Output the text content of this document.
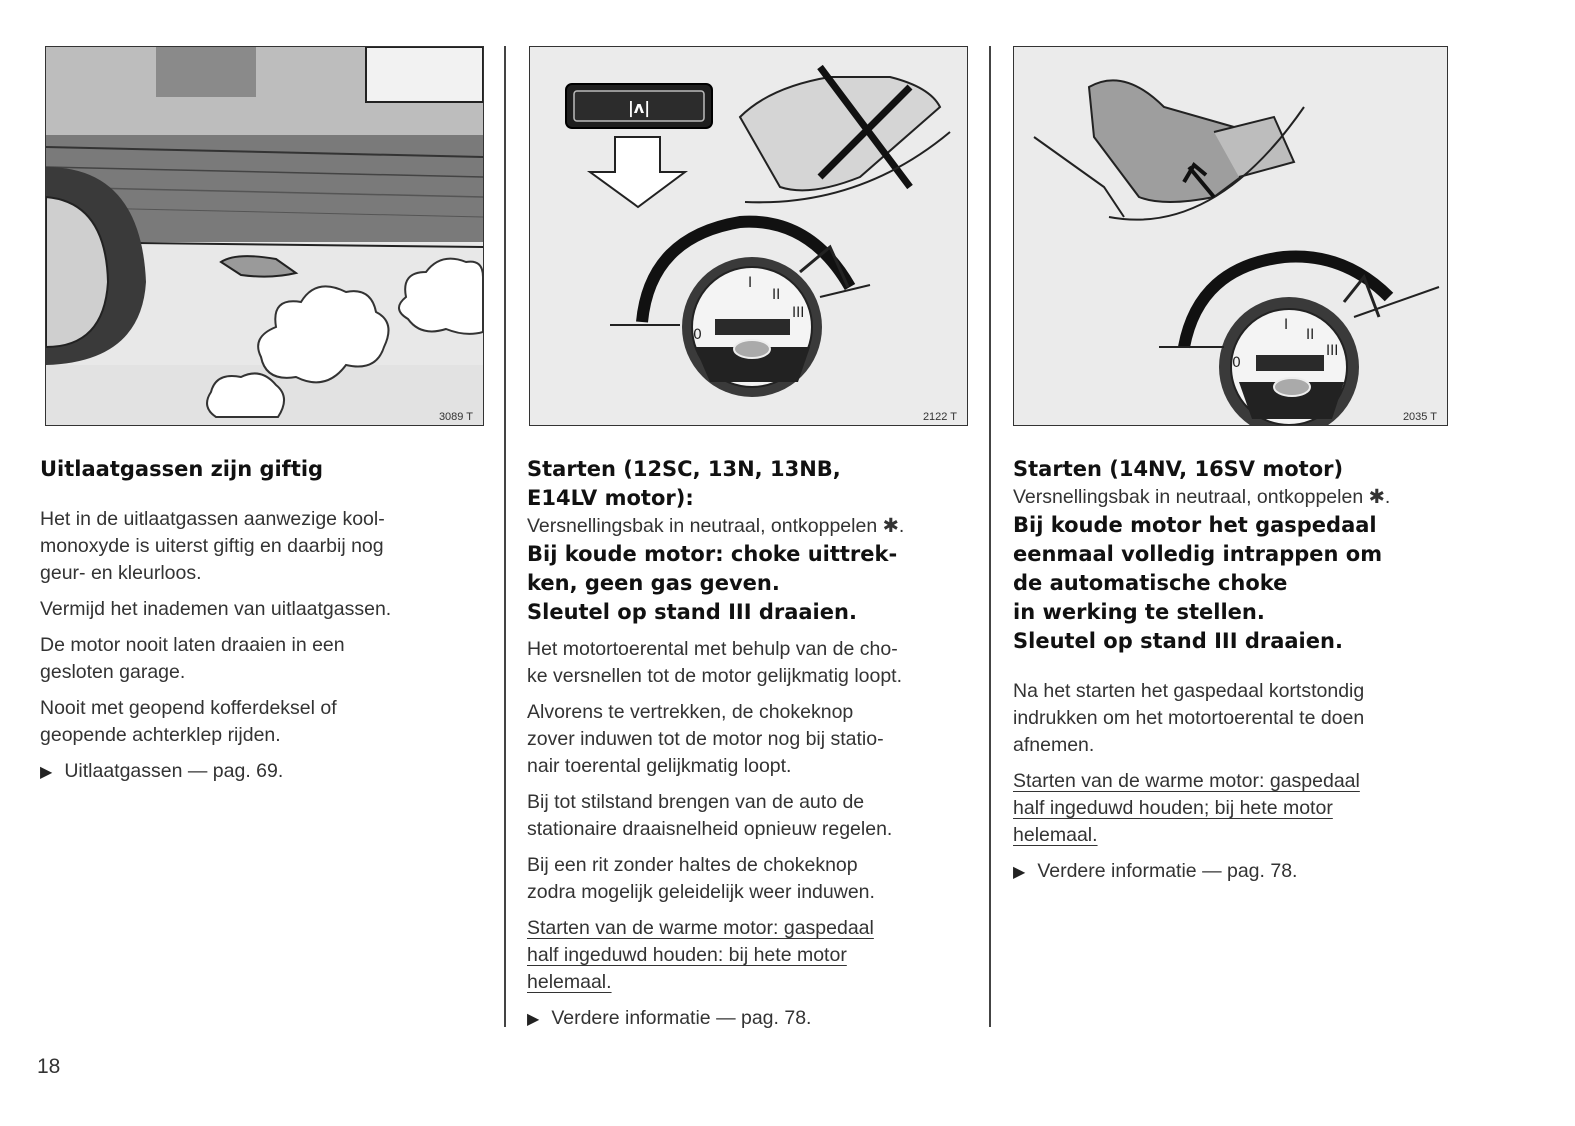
3089 T
|ʌ|
0
I
II
III
2122 T
0
I
II
III
2035 T

Uitlaatgassen zijn giftig

Het in de uitlaatgassen aanwezige kool-
monoxyde is uiterst giftig en daarbij nog
geur- en kleurloos.

Vermijd het inademen van uitlaatgassen.

De motor nooit laten draaien in een
gesloten garage.

Nooit met geopend kofferdeksel of
geopende achterklep rijden.

▶ Uitlaatgassen — pag. 69.

Starten (12SC, 13N, 13NB,
E14LV motor):

Versnellingsbak in neutraal, ontkoppelen ✱.

Bij koude motor: choke uittrek-
ken, geen gas geven.
Sleutel op stand III draaien.

Het motortoerental met behulp van de cho-
ke versnellen tot de motor gelijkmatig loopt.

Alvorens te vertrekken, de chokeknop
zover induwen tot de motor nog bij statio-
nair toerental gelijkmatig loopt.

Bij tot stilstand brengen van de auto de
stationaire draaisnelheid opnieuw regelen.

Bij een rit zonder haltes de chokeknop
zodra mogelijk geleidelijk weer induwen.

Starten van de warme motor: gaspedaal
half ingeduwd houden: bij hete motor
helemaal.

▶ Verdere informatie — pag. 78.

Starten (14NV, 16SV motor)

Versnellingsbak in neutraal, ontkoppelen ✱.

Bij koude motor het gaspedaal
eenmaal volledig intrappen om
de automatische choke
in werking te stellen.
Sleutel op stand III draaien.

Na het starten het gaspedaal kortstondig
indrukken om het motortoerental te doen
afnemen.

Starten van de warme motor: gaspedaal
half ingeduwd houden; bij hete motor
helemaal.

▶ Verdere informatie — pag. 78.

18
